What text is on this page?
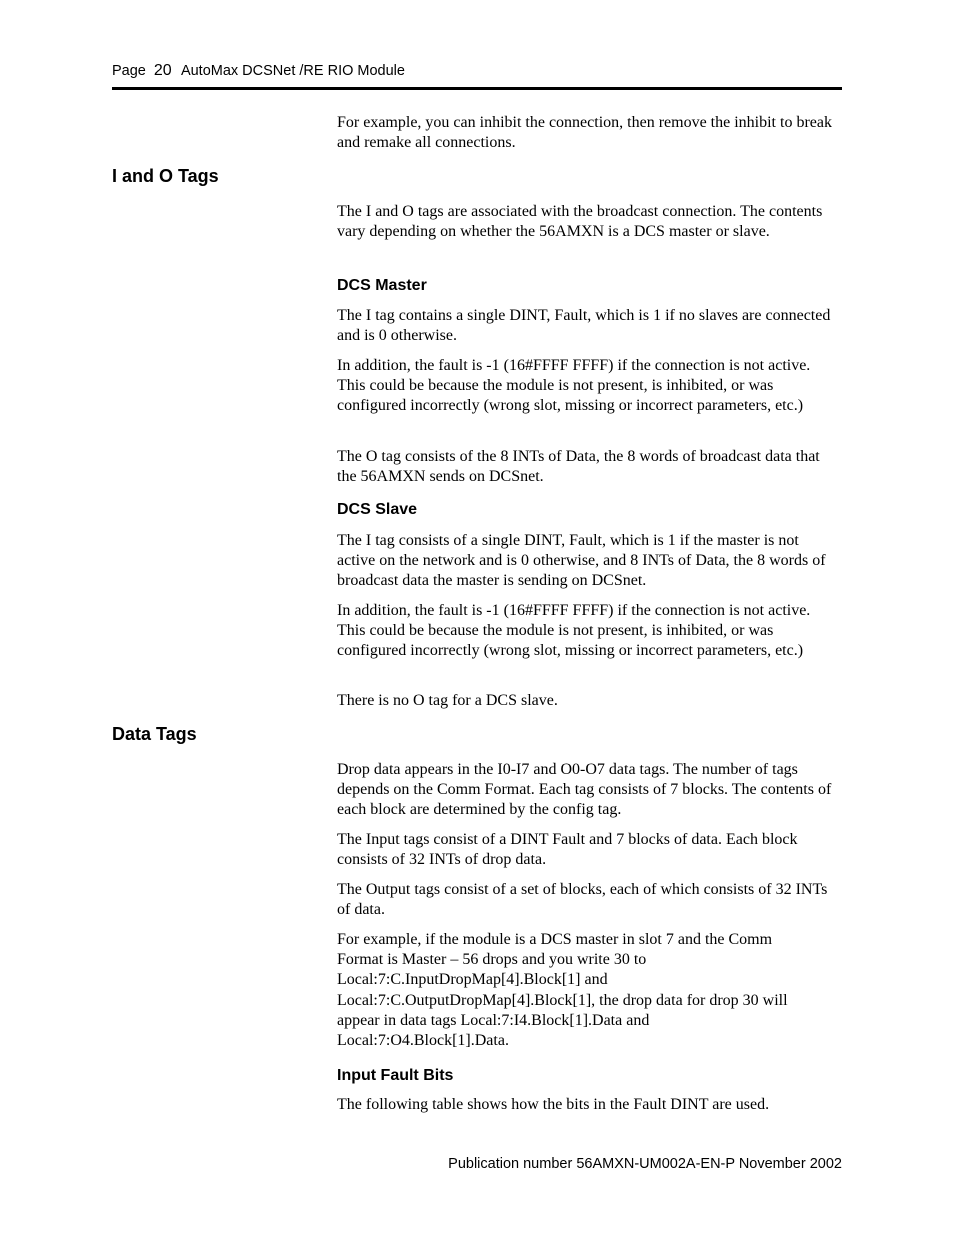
Page 20 AutoMax DCSNet /RE RIO Module
For example, you can inhibit the connection, then remove the inhibit to break and remake all connections.
I and O Tags
The I and O tags are associated with the broadcast connection. The contents vary depending on whether the 56AMXN is a DCS master or slave.
DCS Master
The I tag contains a single DINT, Fault, which is 1 if no slaves are connected and is 0 otherwise.
In addition, the fault is -1 (16#FFFF FFFF) if the connection is not active. This could be because the module is not present, is inhibited, or was configured incorrectly (wrong slot, missing or incorrect parameters, etc.)
The O tag consists of the 8 INTs of Data, the 8 words of broadcast data that the 56AMXN sends on DCSnet.
DCS Slave
The I tag consists of a single DINT, Fault, which is 1 if the master is not active on the network and is 0 otherwise, and 8 INTs of Data, the 8 words of broadcast data the master is sending on DCSnet.
In addition, the fault is -1 (16#FFFF FFFF) if the connection is not active. This could be because the module is not present, is inhibited, or was configured incorrectly (wrong slot, missing or incorrect parameters, etc.)
There is no O tag for a DCS slave.
Data Tags
Drop data appears in the I0-I7 and O0-O7 data tags. The number of tags depends on the Comm Format. Each tag consists of 7 blocks. The contents of each block are determined by the config tag.
The Input tags consist of a DINT Fault and 7 blocks of data. Each block consists of 32 INTs of drop data.
The Output tags consist of a set of blocks, each of which consists of 32 INTs of data.
For example, if the module is a DCS master in slot 7 and the Comm
Format is Master – 56 drops and you write 30 to
Local:7:C.InputDropMap[4].Block[1] and
Local:7:C.OutputDropMap[4].Block[1], the drop data for drop 30 will
appear in data tags Local:7:I4.Block[1].Data and
Local:7:O4.Block[1].Data.
Input Fault Bits
The following table shows how the bits in the Fault DINT are used.
Publication number 56AMXN-UM002A-EN-P November 2002
